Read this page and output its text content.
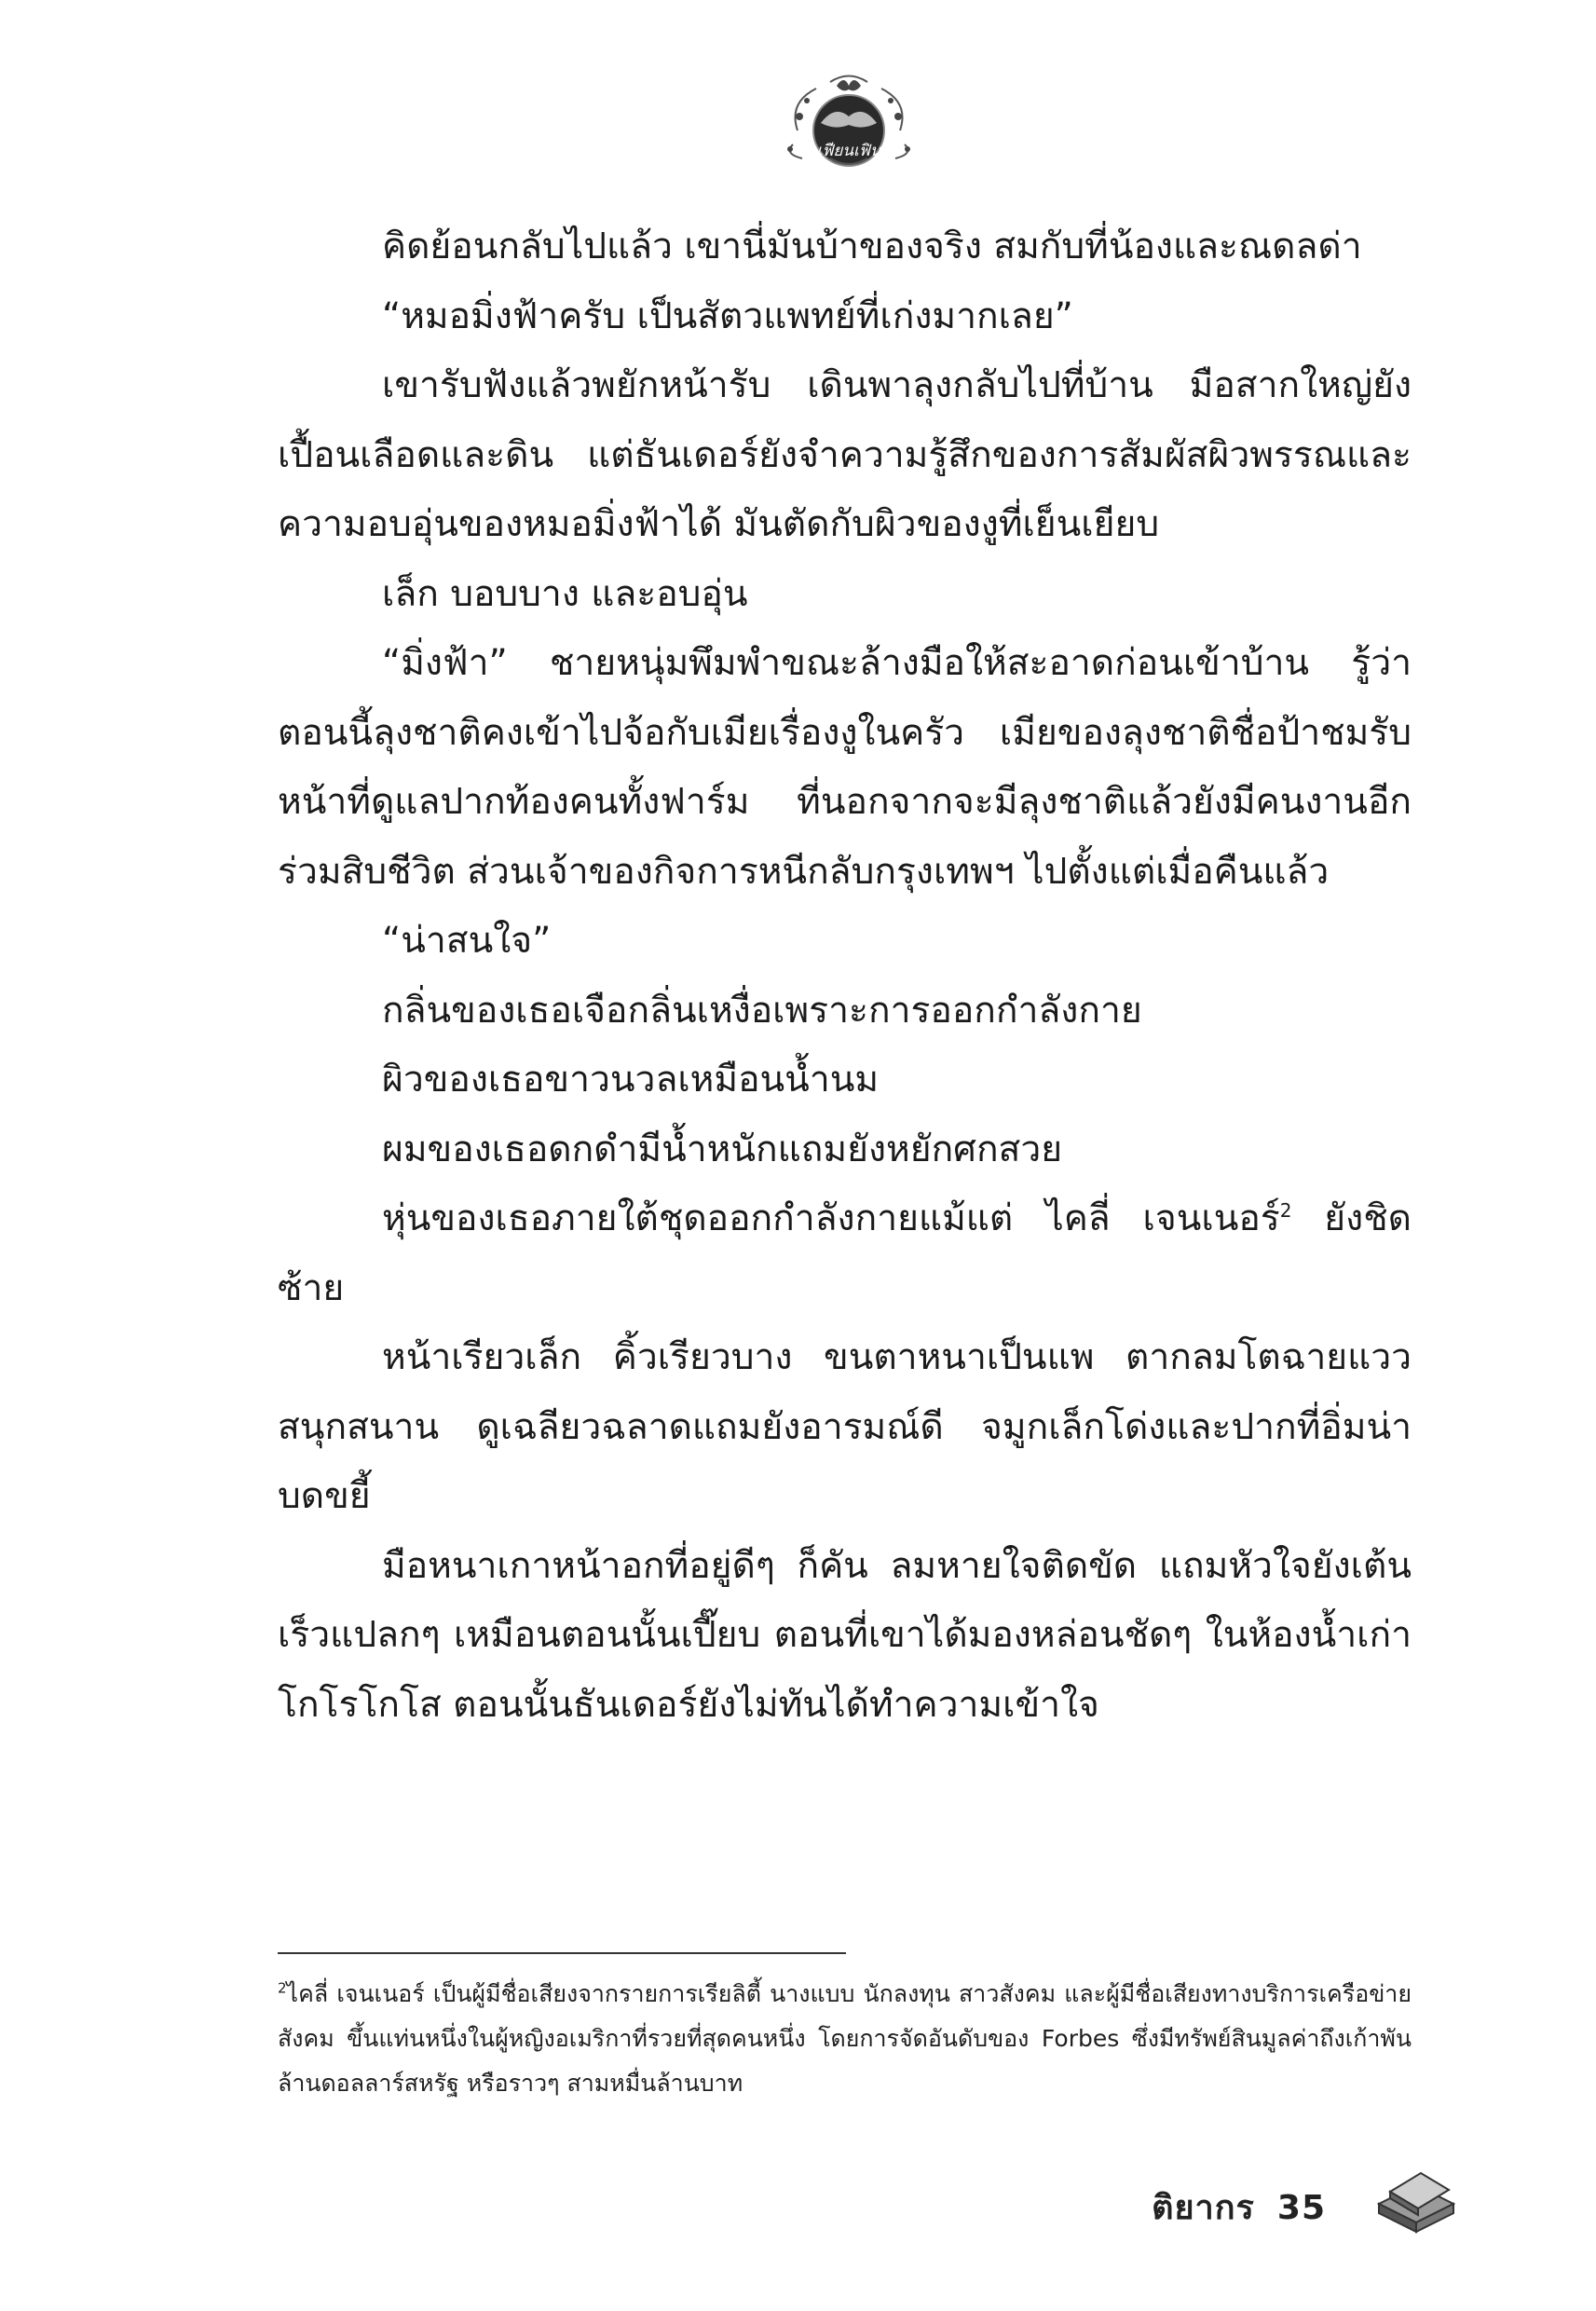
เฟียนเฟิน

คิดย้อนกลับไปแล้ว เขานี่มันบ้าของจริง สมกับที่น้องและณดลด่า

“หมอมิ่งฟ้าครับ เป็นสัตวแพทย์ที่เก่งมากเลย”

เขารับฟังแล้วพยักหน้ารับ เดินพาลุงกลับไปที่บ้าน มือสากใหญ่ยังเปื้อนเลือดและดิน แต่ธันเดอร์ยังจำความรู้สึกของการสัมผัสผิวพรรณและความอบอุ่นของหมอมิ่งฟ้าได้ มันตัดกับผิวของงูที่เย็นเยียบ

เล็ก บอบบาง และอบอุ่น

“มิ่งฟ้า” ชายหนุ่มพึมพำขณะล้างมือให้สะอาดก่อนเข้าบ้าน รู้ว่าตอนนี้ลุงชาติคงเข้าไปจ้อกับเมียเรื่องงูในครัว เมียของลุงชาติชื่อป้าชมรับหน้าที่ดูแลปากท้องคนทั้งฟาร์ม ที่นอกจากจะมีลุงชาติแล้วยังมีคนงานอีกร่วมสิบชีวิต ส่วนเจ้าของกิจการหนีกลับกรุงเทพฯ ไปตั้งแต่เมื่อคืนแล้ว

“น่าสนใจ”

กลิ่นของเธอเจือกลิ่นเหงื่อเพราะการออกกำลังกาย

ผิวของเธอขาวนวลเหมือนน้ำนม

ผมของเธอดกดำมีน้ำหนักแถมยังหยักศกสวย

หุ่นของเธอภายใต้ชุดออกกำลังกายแม้แต่ ไคลี่ เจนเนอร์$^2$ ยังชิดซ้าย

หน้าเรียวเล็ก คิ้วเรียวบาง ขนตาหนาเป็นแพ ตากลมโตฉายแววสนุกสนาน ดูเฉลียวฉลาดแถมยังอารมณ์ดี จมูกเล็กโด่งและปากที่อิ่มน่าบดขยี้

มือหนาเกาหน้าอกที่อยู่ดีๆ ก็คัน ลมหายใจติดขัด แถมหัวใจยังเต้นเร็วแปลกๆ เหมือนตอนนั้นเปี๊ยบ ตอนที่เขาได้มองหล่อนชัดๆ ในห้องน้ำเก่าโกโรโกโส ตอนนั้นธันเดอร์ยังไม่ทันได้ทำความเข้าใจ

$^2$ไคลี่ เจนเนอร์ เป็นผู้มีชื่อเสียงจากรายการเรียลิตี้ นางแบบ นักลงทุน สาวสังคม และผู้มีชื่อเสียงทางบริการเครือข่ายสังคม ขึ้นแท่นหนึ่งในผู้หญิงอเมริกาที่รวยที่สุดคนหนึ่ง โดยการจัดอันดับของ Forbes ซึ่งมีทรัพย์สินมูลค่าถึงเก้าพันล้านดอลลาร์สหรัฐ หรือราวๆ สามหมื่นล้านบาท

ติยากร 35
